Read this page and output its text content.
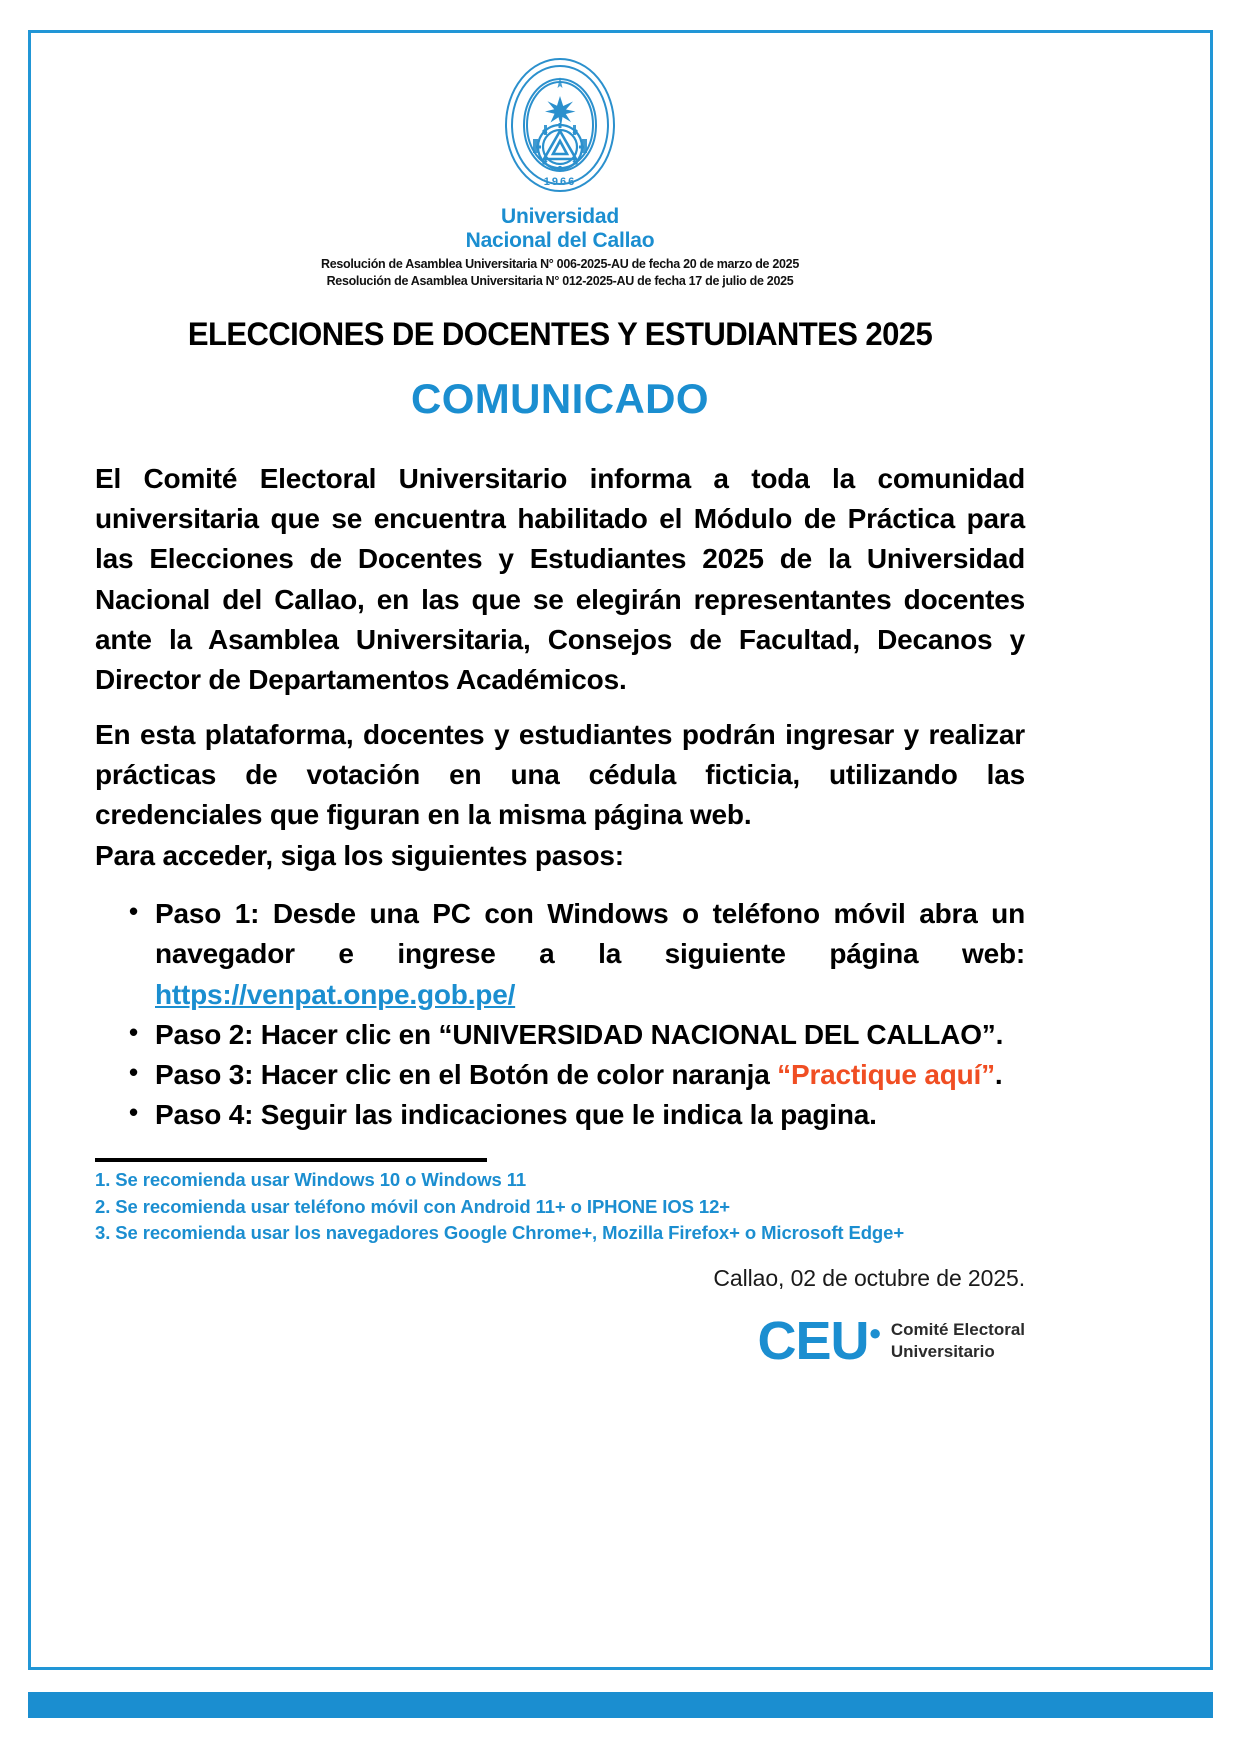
1966
Universidad
Nacional del Callao
Resolución de Asamblea Universitaria N° 006-2025-AU de fecha 20 de marzo de 2025
Resolución de Asamblea Universitaria N° 012-2025-AU de fecha 17 de julio de 2025
ELECCIONES DE DOCENTES Y ESTUDIANTES 2025
COMUNICADO

El Comité Electoral Universitario informa a toda la comunidad universitaria que se encuentra habilitado el Módulo de Práctica para las Elecciones de Docentes y Estudiantes 2025 de la Universidad Nacional del Callao, en las que se elegirán representantes docentes ante la Asamblea Universitaria, Consejos de Facultad, Decanos y Director de Departamentos Académicos.

En esta plataforma, docentes y estudiantes podrán ingresar y realizar prácticas de votación en una cédula ficticia, utilizando las credenciales que figuran en la misma página web.

Para acceder, siga los siguientes pasos:

• Paso 1: Desde una PC con Windows o teléfono móvil abra un navegador e ingrese a la siguiente página web: https://venpat.onpe.gob.pe/
• Paso 2: Hacer clic en “UNIVERSIDAD NACIONAL DEL CALLAO”.
• Paso 3: Hacer clic en el Botón de color naranja “Practique aquí”.
• Paso 4: Seguir las indicaciones que le indica la pagina.
1. Se recomienda usar Windows 10 o Windows 11
2. Se recomienda usar teléfono móvil con Android 11+ o IPHONE IOS 12+
3. Se recomienda usar los navegadores Google Chrome+, Mozilla Firefox+ o Microsoft Edge+
Callao, 02 de octubre de 2025.
CEU● Comité Electoral
Universitario
